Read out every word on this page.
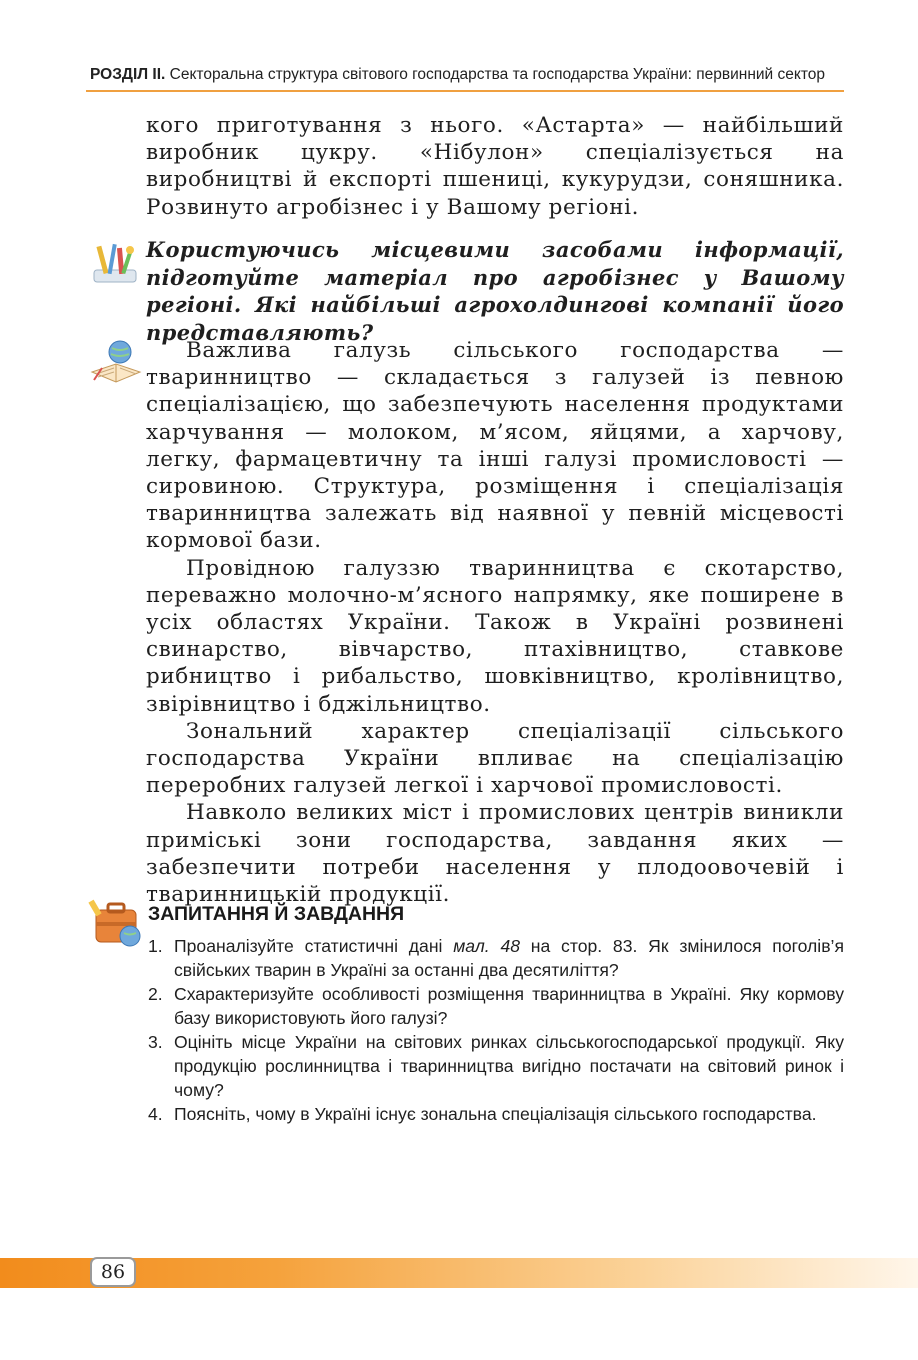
РОЗДІЛ ІІ. Секторальна структура світового господарства та господарства України: первинний сектор

кого приготування з нього. «Астарта» — найбільший виробник цукру. «Нібулон» спеціалізується на виробництві й експорті пшениці, кукурудзи, соняшника. Розвинуто агробізнес і у Вашому регіоні.

Користуючись місцевими засобами інформації, підготуйте матеріал про агробізнес у Вашому регіоні. Які найбільші агрохолдингові компанії його представляють?

Важлива галузь сільського господарства — тваринництво — складається з галузей із певною спеціалізацією, що забезпечують населення продуктами харчування — молоком, м’ясом, яйцями, а харчову, легку, фармацевтичну та інші галузі промисловості — сировиною. Структура, розміщення і спеціалізація тваринництва залежать від наявної у певній місцевості кормової бази.

Провідною галуззю тваринництва є скотарство, переважно молочно-м’ясного напрямку, яке поширене в усіх областях України. Також в Україні розвинені свинарство, вівчарство, птахівництво, ставкове рибництво і рибальство, шовківництво, кролівництво, звірівництво і бджільництво.

Зональний характер спеціалізації сільського господарства України впливає на спеціалізацію переробних галузей легкої і харчової промисловості.

Навколо великих міст і промислових центрів виникли приміські зони господарства, завдання яких — забезпечити потреби населення у плодоовочевій і тваринницькій продукції.

ЗАПИТАННЯ Й ЗАВДАННЯ
1. Проаналізуйте статистичні дані мал. 48 на стор. 83. Як змінилося поголів’я свійських тварин в Україні за останні два десятиліття?
2. Схарактеризуйте особливості розміщення тваринництва в Україні. Яку кормову базу використовують його галузі?
3. Оцініть місце України на світових ринках сільськогосподарської продукції. Яку продукцію рослинництва і тваринництва вигідно постачати на світовий ринок і чому?
4. Поясніть, чому в Україні існує зональна спеціалізація сільського господарства.
86
